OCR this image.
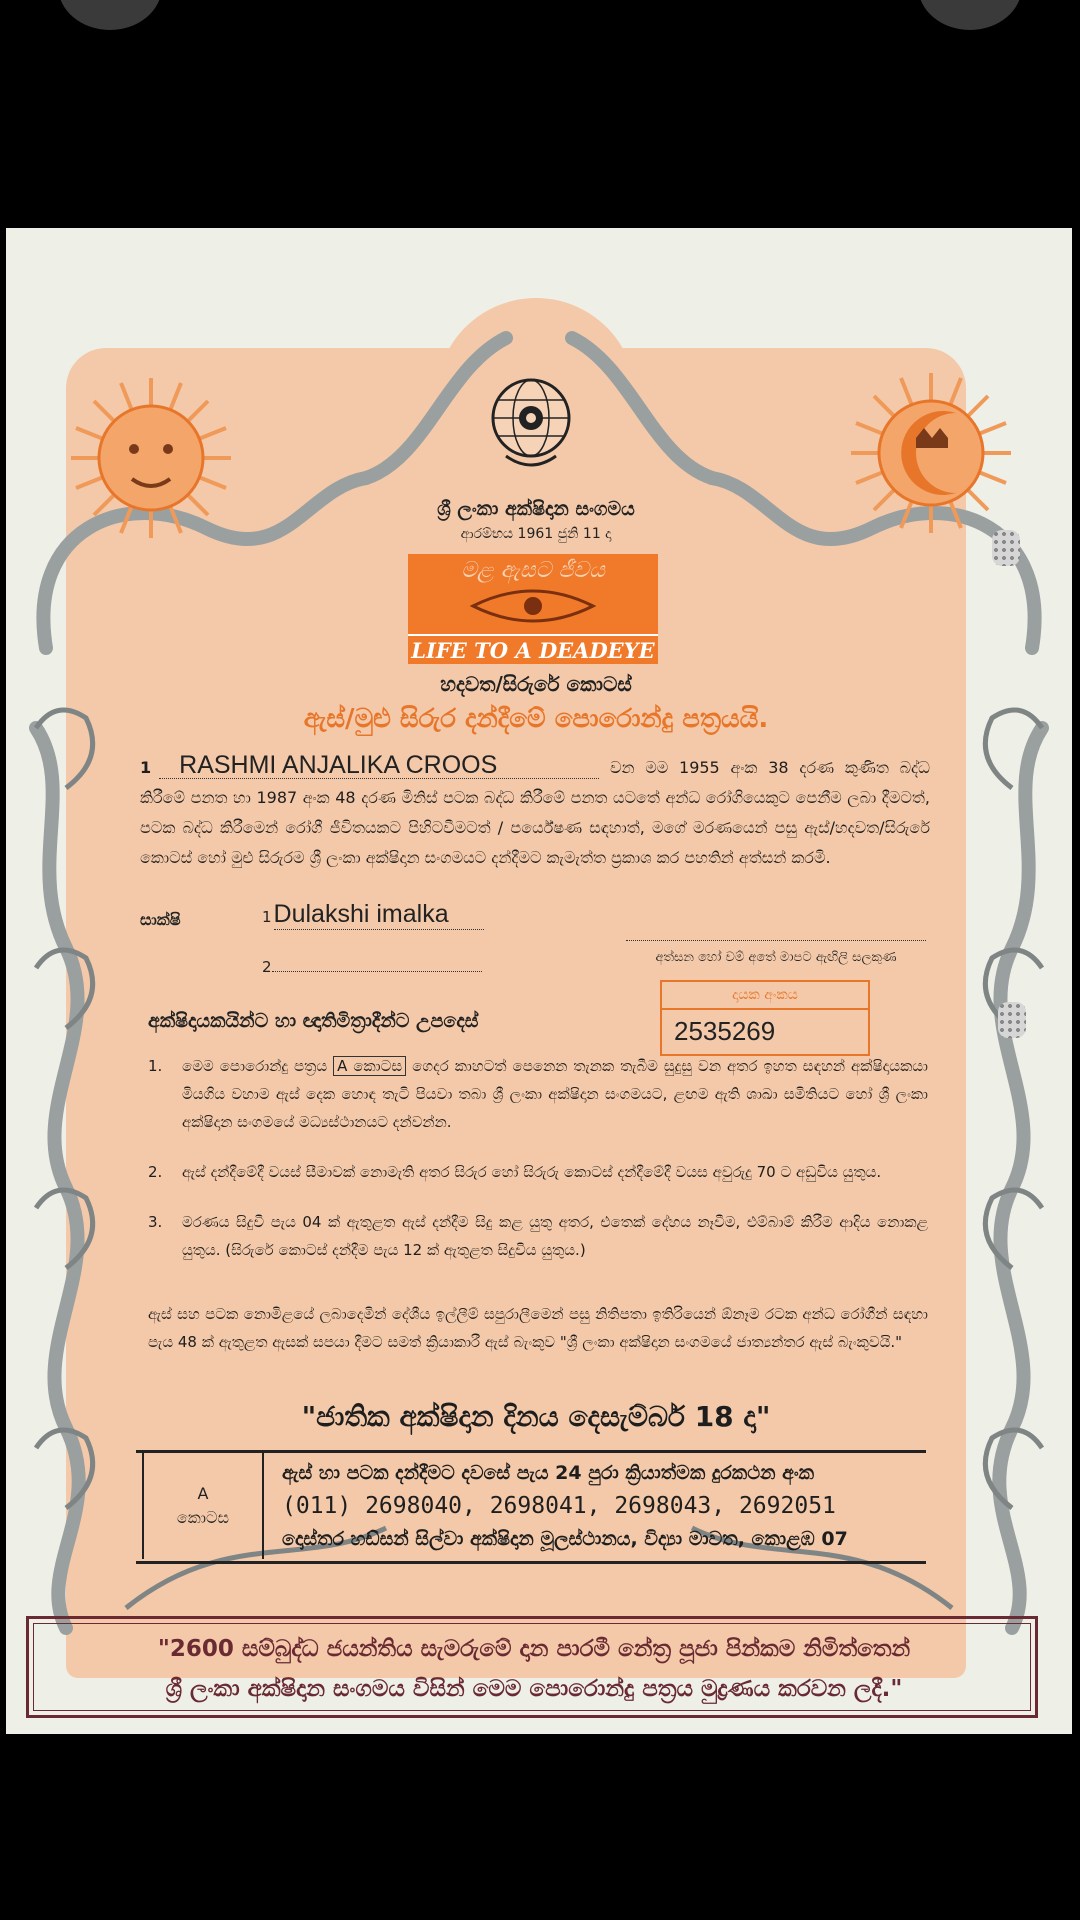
ශ්‍රී ලංකා අක්ෂිදාන සංගමය
ආරම්භය 1961 ජුනි 11 දා
මළ ඇසට ජීවය
LIFE TO A DEADEYE
හදවත/සිරුරේ කොටස්
ඇස්/මුළු සිරුර දන්දීමේ පොරොන්දු පත්‍රයයි.
1 RASHMI ANJALIKA CROOS	වන මම 1955 අංක 38 දරණ කුණිත බද්ධ කිරීමේ පනත හා 1987 අංක 48 දරණ මිනිස් පටක බද්ධ කිරීමේ පනත යටතේ අන්ධ රෝගියෙකුට පෙනීම ලබා දීමටත්, පටක බද්ධ කිරීමෙන් රෝගී ජීවිතයකට පිහිටවීමටත් / පර්යේෂණ සඳහාත්, මගේ මරණයෙන් පසු ඇස්/හදවත/සිරුරේ කොටස් හෝ මුළු සිරුරම ශ්‍රී ලංකා අක්ෂිදාන සංගමයට දන්දීමට කැමැත්ත ප්‍රකාශ කර පහතින් අත්සන් කරමි.
සාක්ෂි	1Dulakshi imalka
2
අත්සන හෝ වම් අතේ මාපට ඇඟිලි සලකුණ
දායක අංකය
2535269
අක්ෂිදායකයින්ට හා ඥාතිමිත්‍රාදීන්ට උපදෙස්
1.	මෙම පොරොන්දු පත්‍රය A කොටස ගෙදර කාහටත් පෙනෙන තැනක තැබීම සුදුසු වන අතර ඉහත සඳහන් අක්ෂිදායකයා මියගිය වහාම ඇස් දෙක හොඳ තැටි පියවා තබා ශ්‍රී ලංකා අක්ෂිදාන සංගමයට, ළඟම ඇති ශාඛා සමිතියට හෝ ශ්‍රී ලංකා අක්ෂිදාන සංගමයේ මධ්‍යස්ථානයට දන්වන්න.
2.	ඇස් දන්දීමේදී වයස් සීමාවක් නොමැති අතර සිරුර හෝ සිරුරු කොටස් දන්දීමේදී වයස අවුරුදු 70 ට අඩුවිය යුතුය.
3.	මරණය සිදුවී පැය 04 ක් ඇතුළත ඇස් දන්දීම සිදු කළ යුතු අතර, එතෙක් දේහය නෑවීම, එම්බාම් කිරීම ආදිය නොකළ යුතුය. (සිරුරේ කොටස් දන්දීම පැය 12 ක් ඇතුළත සිදුවිය යුතුය.)
ඇස් සහ පටක නොමිළයේ ලබාදෙමින් දේශීය ඉල්ලීම් සපුරාලීමෙන් පසු නිතිපතා ඉතිරියෙන් ඕනෑම රටක අන්ධ රෝගීන් සඳහා පැය 48 ක් ඇතුළත ඇසක් සපයා දීමට සමත් ක්‍රියාකාරී ඇස් බැංකුව "ශ්‍රී ලංකා අක්ෂිදාන සංගමයේ ජාත්‍යන්තර ඇස් බැංකුවයි."
"ජාතික අක්ෂිදාන දිනය දෙසැම්බර් 18 දා"
A
කොටස
ඇස් හා පටක දන්දීමට දවසේ පැය 24 පුරා ක්‍රියාත්මක දුරකථන අංක
(011) 2698040, 2698041, 2698043, 2692051
දොස්තර හඩ්සන් සිල්වා අක්ෂිදාන මූලස්ථානය, විද්‍යා මාවත, කොළඹ 07
"2600 සම්බුද්ධ ජයන්තිය සැමරුමේ දාන පාරමී නේත්‍ර පූජා පින්කම නිමිත්තෙන්
ශ්‍රී ලංකා අක්ෂිදාන සංගමය විසින් මෙම පොරොන්දු පත්‍රය මුද්‍රණය කරවන ලදී."
